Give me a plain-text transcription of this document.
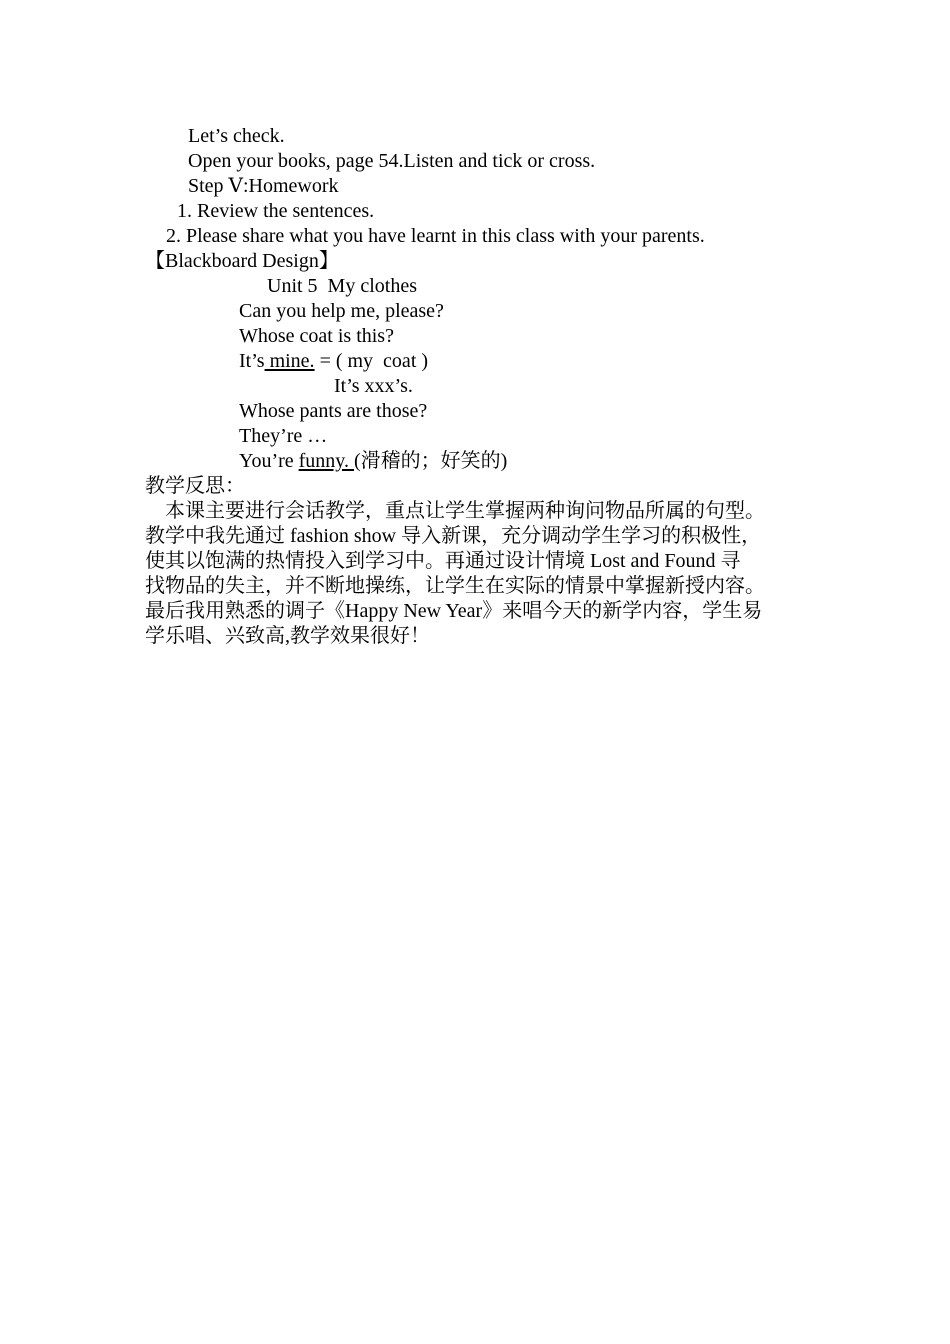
Let’s check.
Open your books, page 54.Listen and tick or cross.
Step Ⅴ:Homework
1. Review the sentences.
2. Please share what you have learnt in this class with your parents.
【Blackboard Design】
Unit 5  My clothes
Can you help me, please?
Whose coat is this?
It’s mine. = ( my  coat )
It’s xxx’s.
Whose pants are those?
They’re …
You’re funny. (滑稽的；好笑的)
教学反思：
本课主要进行会话教学，重点让学生掌握两种询问物品所属的句型。
教学中我先通过 fashion show 导入新课，充分调动学生学习的积极性，
使其以饱满的热情投入到学习中。再通过设计情境 Lost and Found 寻
找物品的失主，并不断地操练，让学生在实际的情景中掌握新授内容。
最后我用熟悉的调子《Happy New Year》来唱今天的新学内容，学生易
学乐唱、兴致高,教学效果很好！
